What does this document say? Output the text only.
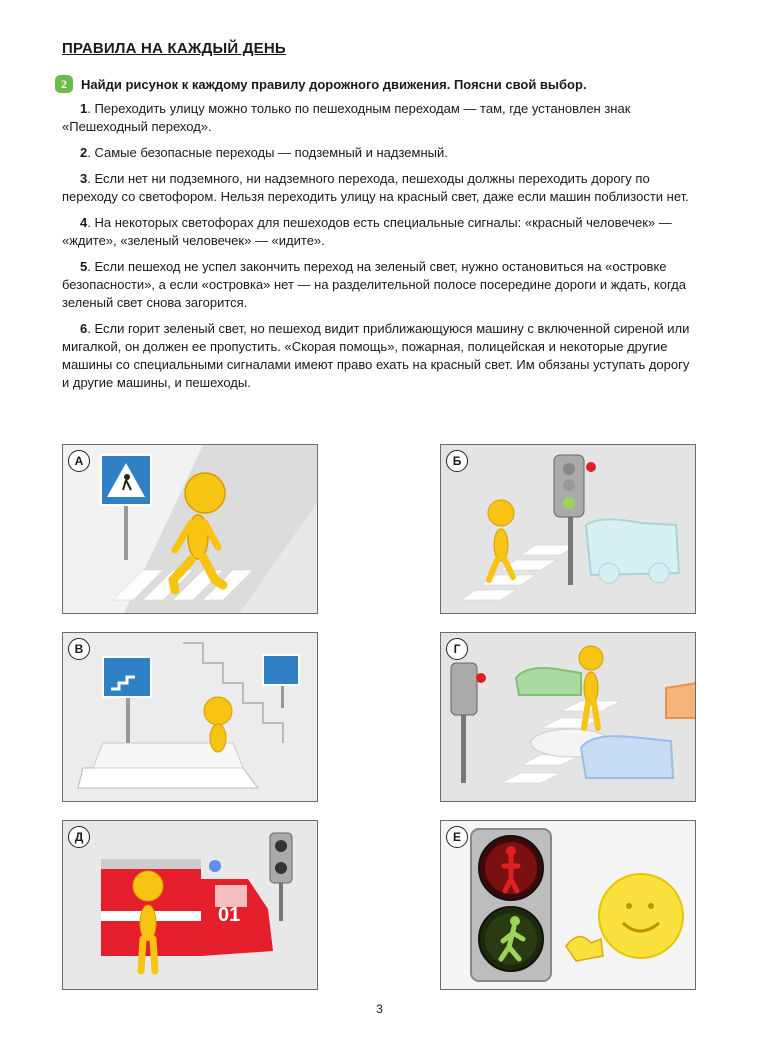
ПРАВИЛА НА КАЖДЫЙ ДЕНЬ
2	Найди рисунок к каждому правилу дорожного движения. Поясни свой выбор.

1. Переходить улицу можно только по пешеходным переходам — там, где установлен знак «Пешеходный переход».

2. Самые безопасные переходы — подземный и надземный.

3. Если нет ни подземного, ни надземного перехода, пешеходы должны переходить дорогу по переходу со светофором. Нельзя переходить улицу на красный свет, даже если машин поблизости нет.

4. На некоторых светофорах для пешеходов есть специальные сигналы: «красный человечек» — «ждите», «зеленый человечек» — «идите».

5. Если пешеход не успел закончить переход на зеленый свет, нужно остановиться на «островке безопасности», а если «островка» нет — на разделительной полосе посередине дороги и ждать, когда зеленый свет снова загорится.

6. Если горит зеленый свет, но пешеход видит приближающуюся машину с включенной сиреной или мигалкой, он должен ее пропустить. «Скорая помощь», пожарная, полицейская и некоторые другие машины со специальными сигналами имеют право ехать на красный свет. Им обязаны уступать дорогу и другие машины, и пешеходы.

А	Б
В	Г
Д
01
Е
3
